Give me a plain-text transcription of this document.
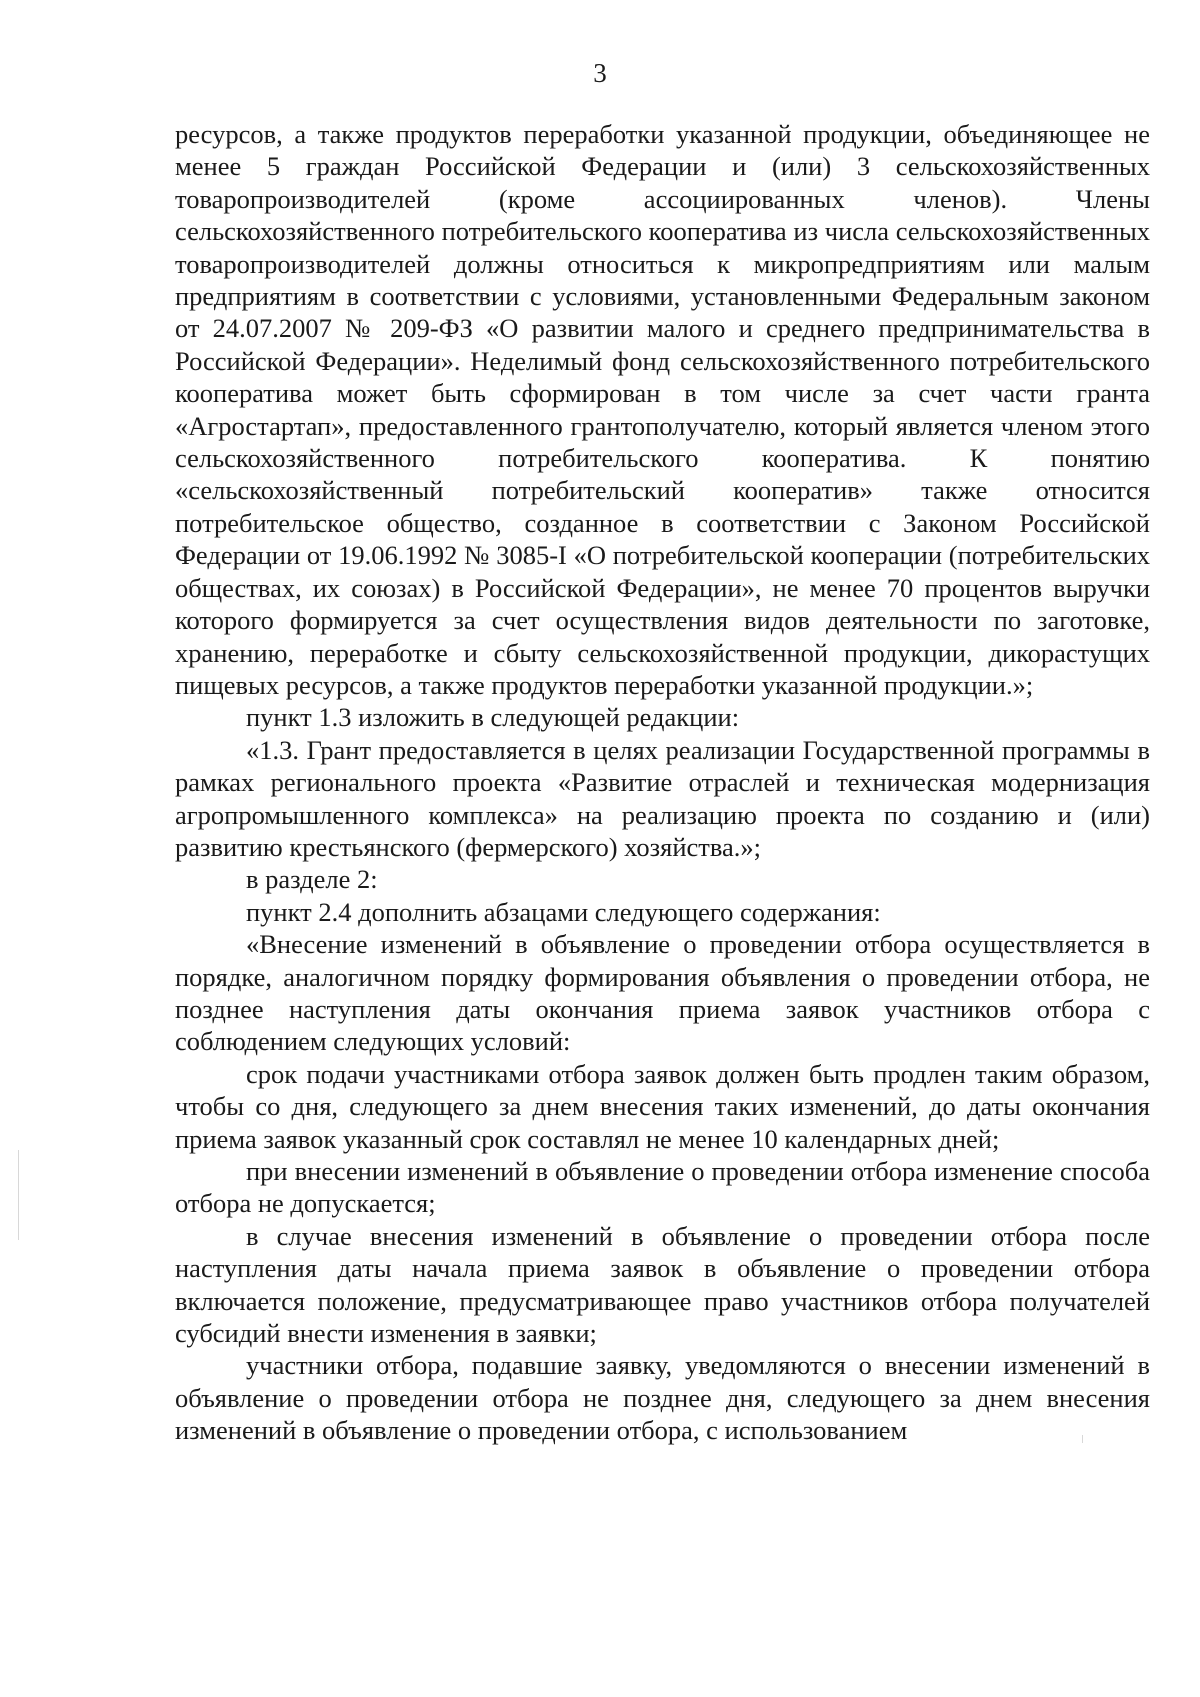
3

ресурсов, а также продуктов переработки указанной продукции, объединяющее не менее 5 граждан Российской Федерации и (или) 3 сельскохозяйственных товаропроизводителей (кроме ассоциированных членов). Члены сельскохозяйственного потребительского кооператива из числа сельскохозяйственных товаропроизводителей должны относиться к микропредприятиям или малым предприятиям в соответствии с условиями, установленными Федеральным законом от 24.07.2007 № 209-ФЗ «О развитии малого и среднего предпринимательства в Российской Федерации». Неделимый фонд сельскохозяйственного потребительского кооператива может быть сформирован в том числе за счет части гранта «Агростартап», предоставленного грантополучателю, который является членом этого сельскохозяйственного потребительского кооператива. К понятию «сельскохозяйственный потребительский кооператив» также относится потребительское общество, созданное в соответствии с Законом Российской Федерации от 19.06.1992 № 3085-I «О потребительской кооперации (потребительских обществах, их союзах) в Российской Федерации», не менее 70 процентов выручки которого формируется за счет осуществления видов деятельности по заготовке, хранению, переработке и сбыту сельскохозяйственной продукции, дикорастущих пищевых ресурсов, а также продуктов переработки указанной продукции.»;

пункт 1.3 изложить в следующей редакции:

«1.3. Грант предоставляется в целях реализации Государственной программы в рамках регионального проекта «Развитие отраслей и техническая модернизация агропромышленного комплекса» на реализацию проекта по созданию и (или) развитию крестьянского (фермерского) хозяйства.»;

в разделе 2:

пункт 2.4 дополнить абзацами следующего содержания:

«Внесение изменений в объявление о проведении отбора осуществляется в порядке, аналогичном порядку формирования объявления о проведении отбора, не позднее наступления даты окончания приема заявок участников отбора с соблюдением следующих условий:

срок подачи участниками отбора заявок должен быть продлен таким образом, чтобы со дня, следующего за днем внесения таких изменений, до даты окончания приема заявок указанный срок составлял не менее 10 календарных дней;

при внесении изменений в объявление о проведении отбора изменение способа отбора не допускается;

в случае внесения изменений в объявление о проведении отбора после наступления даты начала приема заявок в объявление о проведении отбора включается положение, предусматривающее право участников отбора получателей субсидий внести изменения в заявки;

участники отбора, подавшие заявку, уведомляются о внесении изменений в объявление о проведении отбора не позднее дня, следующего за днем внесения изменений в объявление о проведении отбора, с использованием
